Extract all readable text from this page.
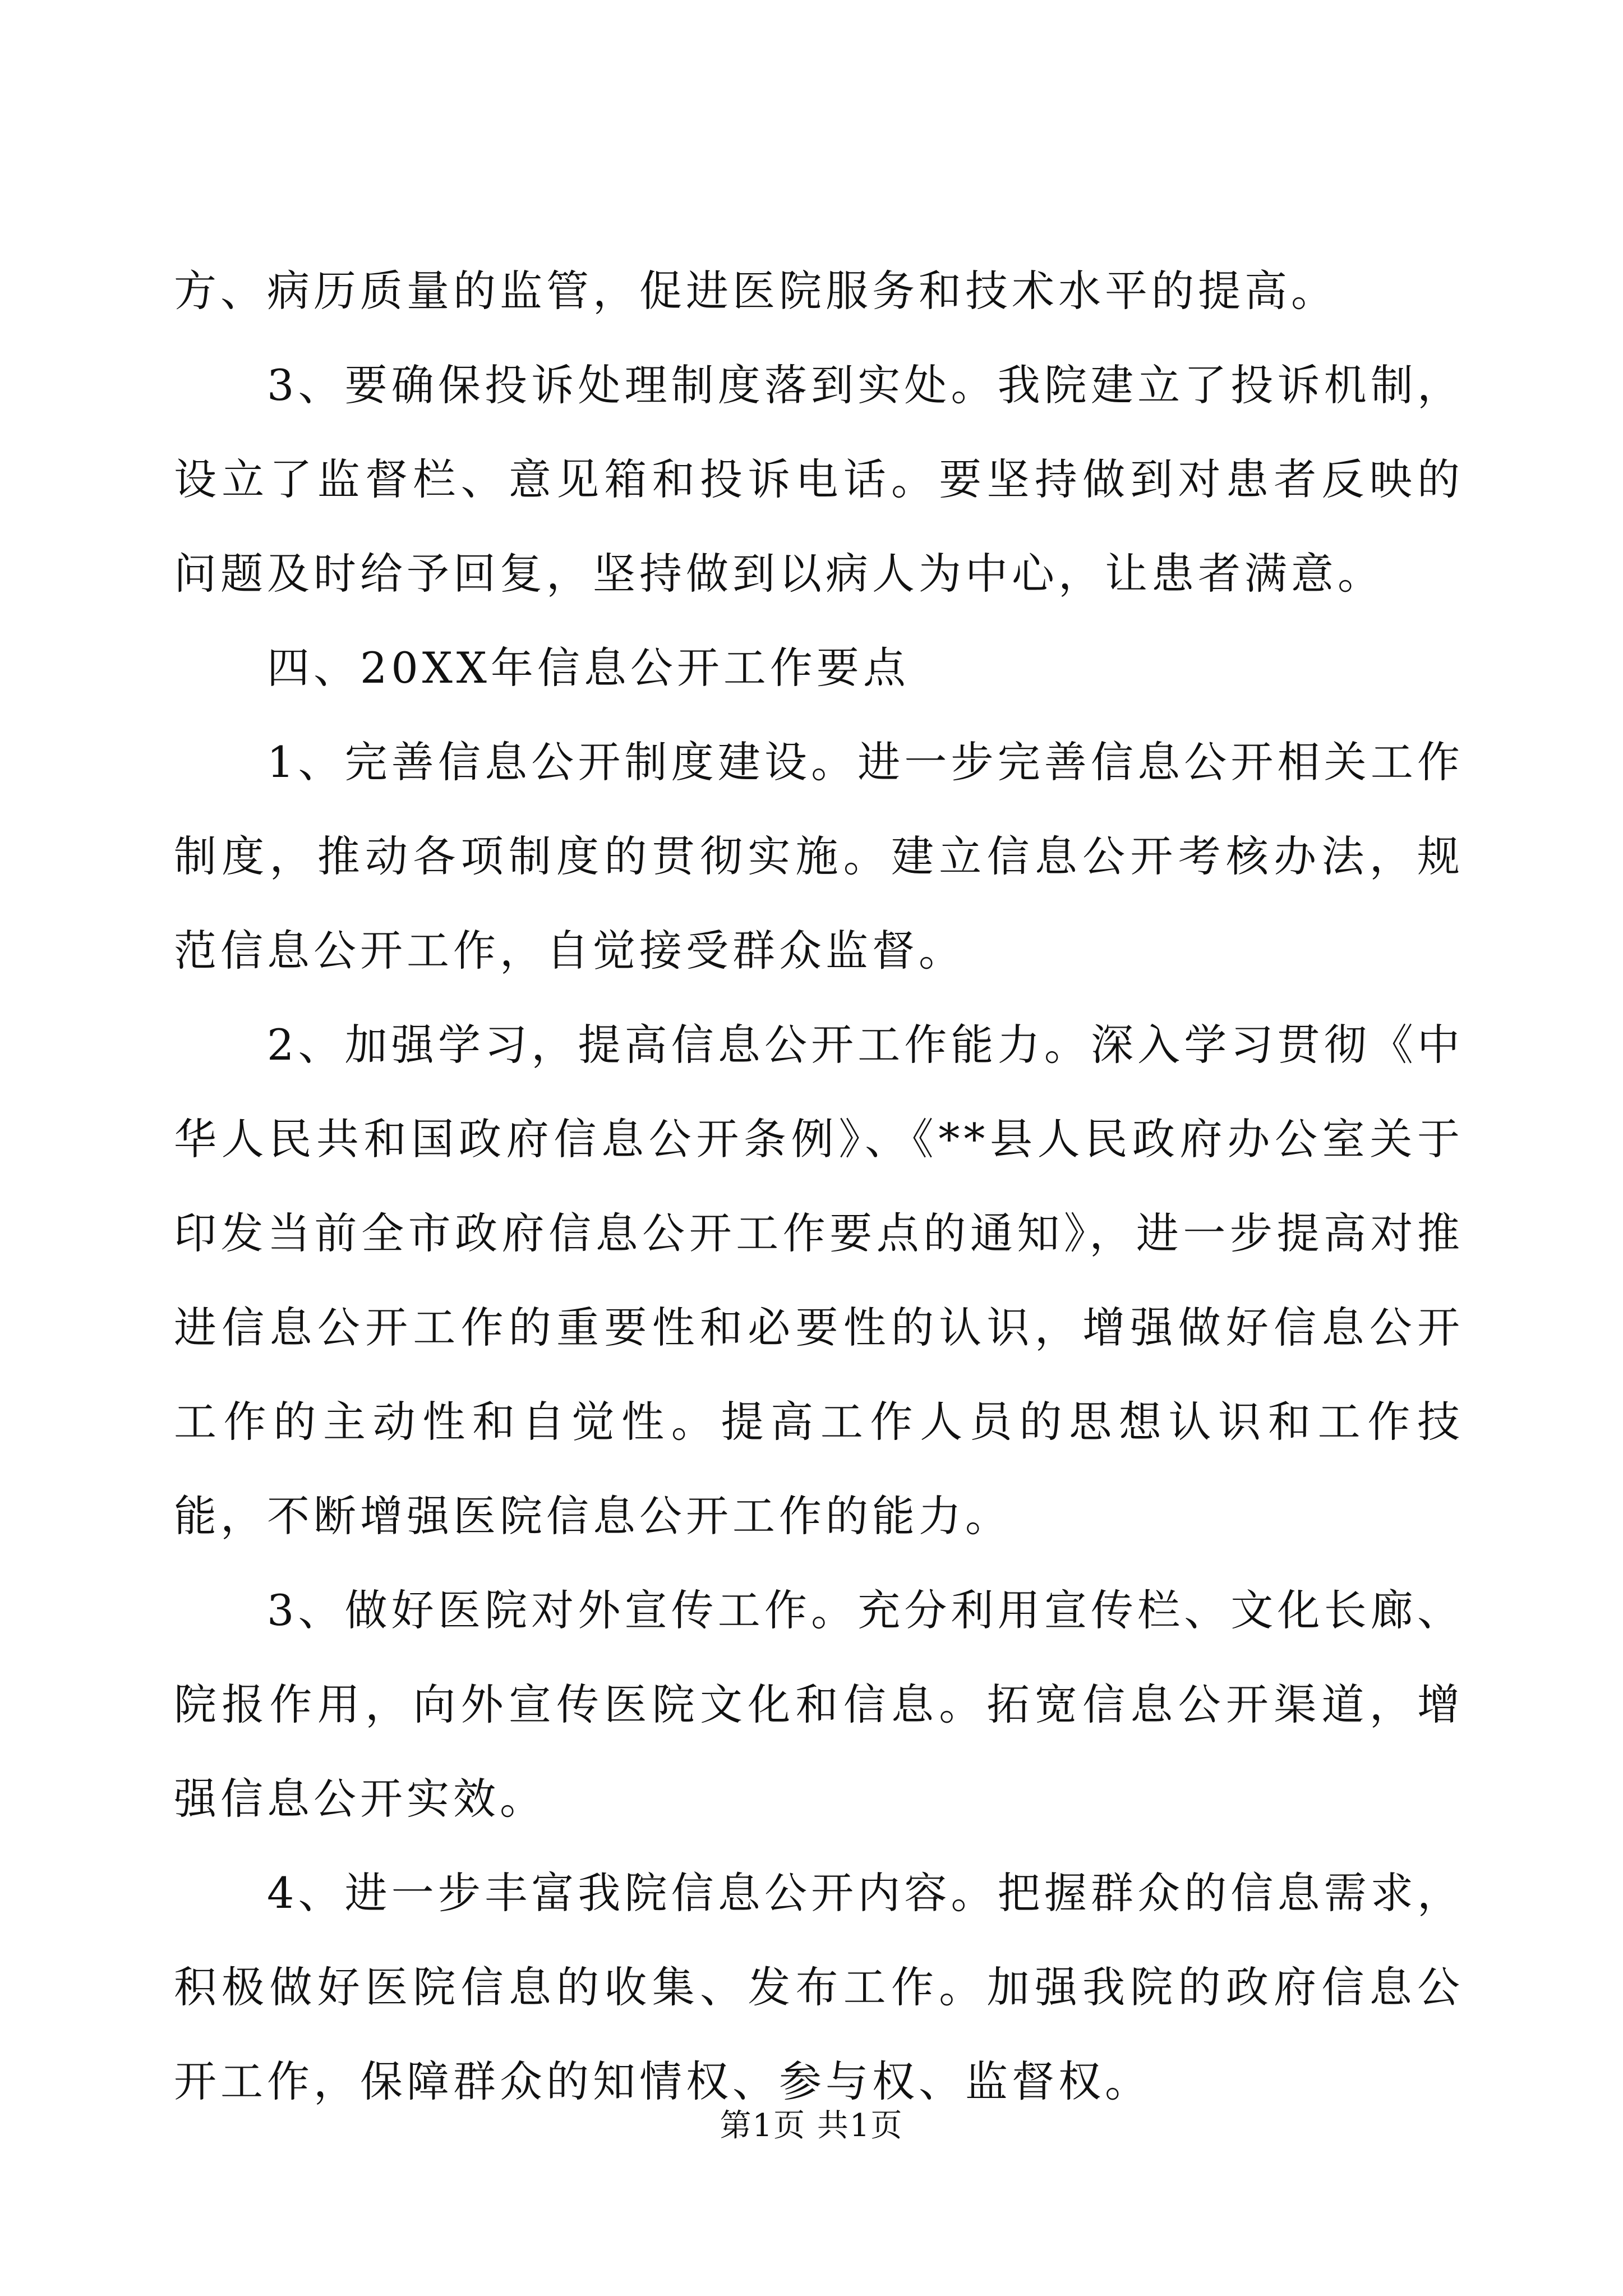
方、病历质量的监管，促进医院服务和技术水平的提高。

3、要确保投诉处理制度落到实处。我院建立了投诉机制，设立了监督栏、意见箱和投诉电话。要坚持做到对患者反映的问题及时给予回复，坚持做到以病人为中心，让患者满意。

四、20XX年信息公开工作要点

1、完善信息公开制度建设。进一步完善信息公开相关工作制度，推动各项制度的贯彻实施。建立信息公开考核办法，规范信息公开工作，自觉接受群众监督。

2、加强学习，提高信息公开工作能力。深入学习贯彻《中华人民共和国政府信息公开条例》、《**县人民政府办公室关于印发当前全市政府信息公开工作要点的通知》，进一步提高对推进信息公开工作的重要性和必要性的认识，增强做好信息公开工作的主动性和自觉性。提高工作人员的思想认识和工作技能，不断增强医院信息公开工作的能力。

3、做好医院对外宣传工作。充分利用宣传栏、文化长廊、院报作用，向外宣传医院文化和信息。拓宽信息公开渠道，增强信息公开实效。

4、进一步丰富我院信息公开内容。把握群众的信息需求，积极做好医院信息的收集、发布工作。加强我院的政府信息公开工作，保障群众的知情权、参与权、监督权。

第1页 共1页
